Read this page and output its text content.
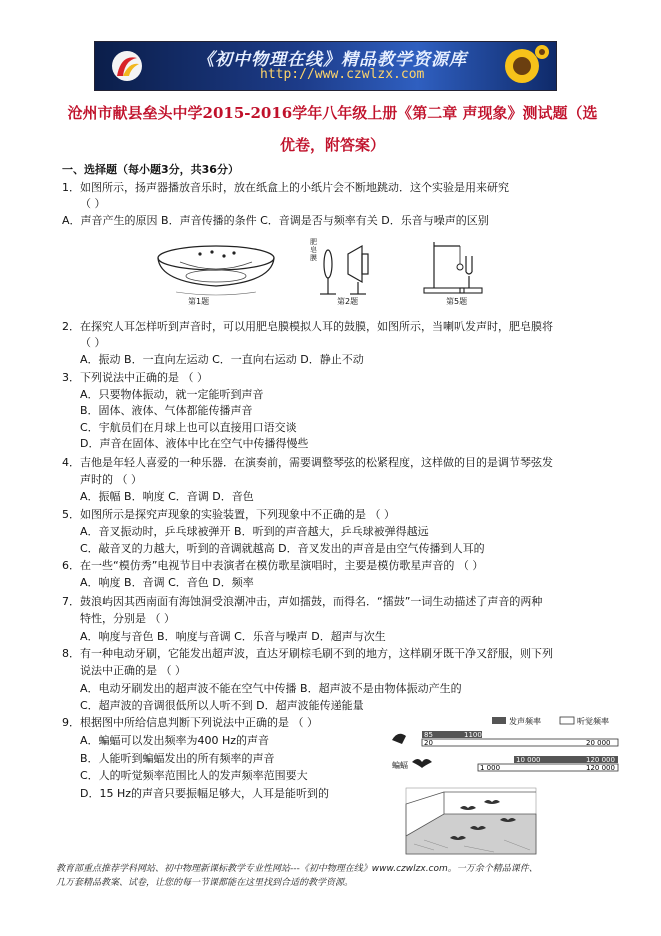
《初中物理在线》精品教学资源库
http://www.czwlzx.com
沧州市献县垒头中学2015-2016学年八年级上册《第二章 声现象》测试题（选
优卷，附答案）
一、选择题（每小题3分，共36分）
1．如图所示，扬声器播放音乐时，放在纸盒上的小纸片会不断地跳动．这个实验是用来研究
（ ）
A．声音产生的原因 B．声音传播的条件 C．音调是否与频率有关 D．乐音与噪声的区别
第1题
肥皂膜
第2题	第5题
2．在探究人耳怎样听到声音时，可以用肥皂膜模拟人耳的鼓膜，如图所示，当喇叭发声时，肥皂膜将
（ ）
A．振动 B．一直向左运动 C．一直向右运动 D．静止不动
3．下列说法中正确的是 （ ）
A．只要物体振动，就一定能听到声音
B．固体、液体、气体都能传播声音
C．宇航员们在月球上也可以直接用口语交谈
D．声音在固体、液体中比在空气中传播得慢些
4．吉他是年轻人喜爱的一种乐器．在演奏前，需要调整琴弦的松紧程度，这样做的目的是调节琴弦发
声时的 （ ）
A．振幅 B．响度 C．音调 D．音色
5．如图所示是探究声现象的实验装置，下列现象中不正确的是 （ ）
A．音叉振动时，乒乓球被弹开 B．听到的声音越大，乒乓球被弹得越远
C．敲音叉的力越大，听到的音调就越高 D．音叉发出的声音是由空气传播到人耳的
6．在一些“模仿秀”电视节目中表演者在模仿歌星演唱时，主要是模仿歌星声音的 （ ）
A．响度 B．音调 C．音色 D．频率
7．鼓浪屿因其西南面有海蚀洞受浪潮冲击，声如擂鼓，而得名．“擂鼓”一词生动描述了声音的两种
特性，分别是 （ ）
A．响度与音色 B．响度与音调 C．乐音与噪声 D．超声与次生
8．有一种电动牙刷，它能发出超声波，直达牙刷棕毛刷不到的地方，这样刷牙既干净又舒服，则下列
说法中正确的是 （ ）
A．电动牙刷发出的超声波不能在空气中传播 B．超声波不是由物体振动产生的
C．超声波的音调很低所以人听不到 D．超声波能传递能量
9．根据图中所给信息判断下列说法中正确的是 （ ）
A．蝙蝠可以发出频率为400 Hz的声音
B．人能听到蝙蝠发出的所有频率的声音
C．人的听觉频率范围比人的发声频率范围要大
D．15 Hz的声音只要振幅足够大，人耳是能听到的
发声频率	听觉频率
85	1100
20	20 000
蝙蝠
10 000	120 000
1 000	120 000
教育部重点推荐学科网站、初中物理新课标教学专业性网站---《初中物理在线》www.czwlzx.com。一万余个精品课件、
几万套精品教案、试卷，让您的每一节课都能在这里找到合适的教学资源。
